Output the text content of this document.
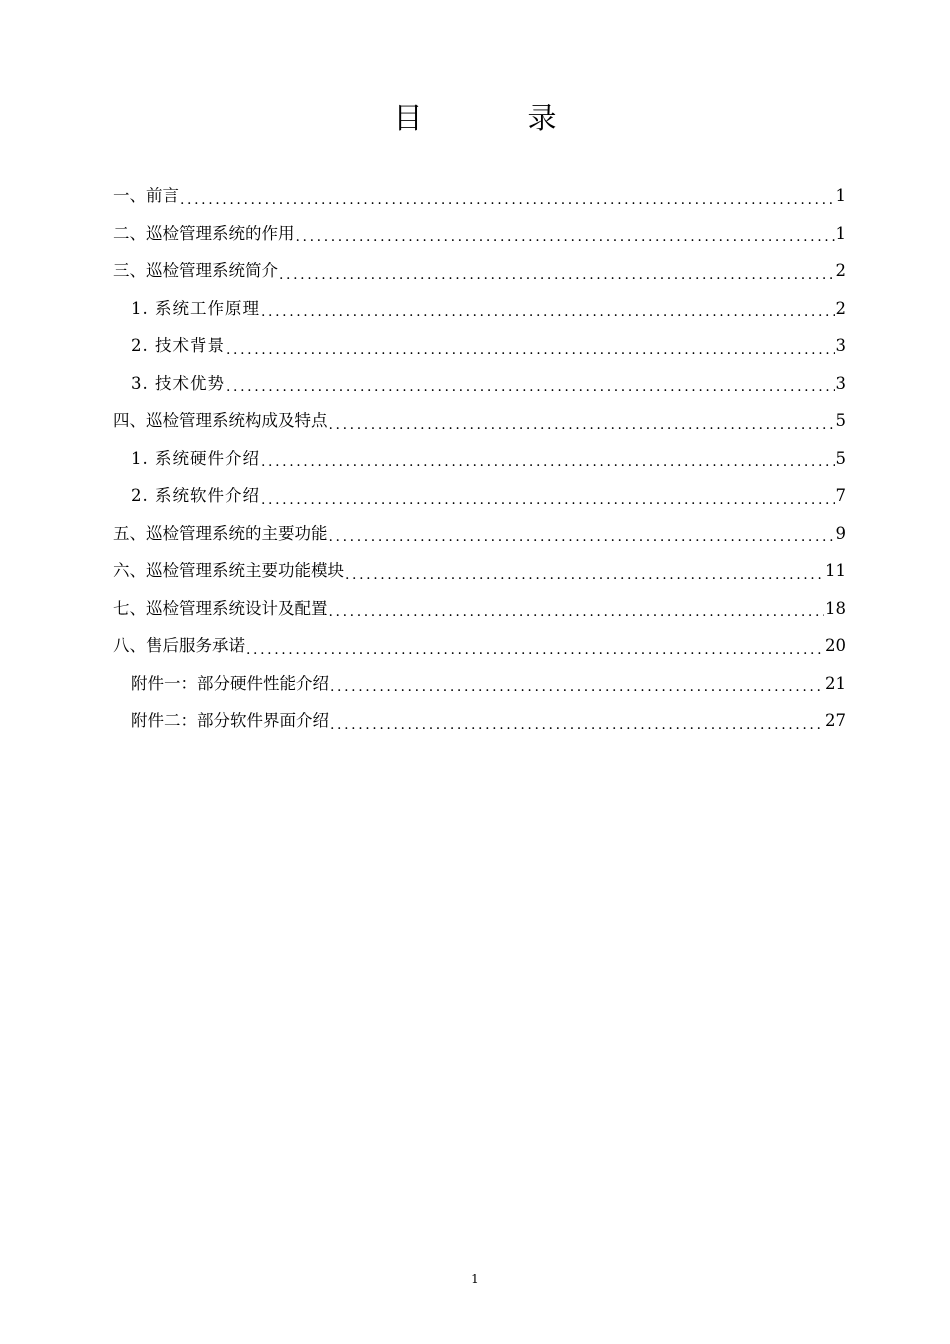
目　录
一、前言 .....	1
二、巡检管理系统的作用 .....	1
三、巡检管理系统简介 .....	2
1. 系统工作原理 .....	2
2. 技术背景 .....	3
3. 技术优势 .....	3
四、巡检管理系统构成及特点 .....	5
1. 系统硬件介绍 .....	5
2. 系统软件介绍 .....	7
五、巡检管理系统的主要功能 .....	9
六、巡检管理系统主要功能模块 .....	11
七、巡检管理系统设计及配置 .....	18
八、售后服务承诺 .....	20
附件一：部分硬件性能介绍 .....	21
附件二：部分软件界面介绍 .....	27
1
